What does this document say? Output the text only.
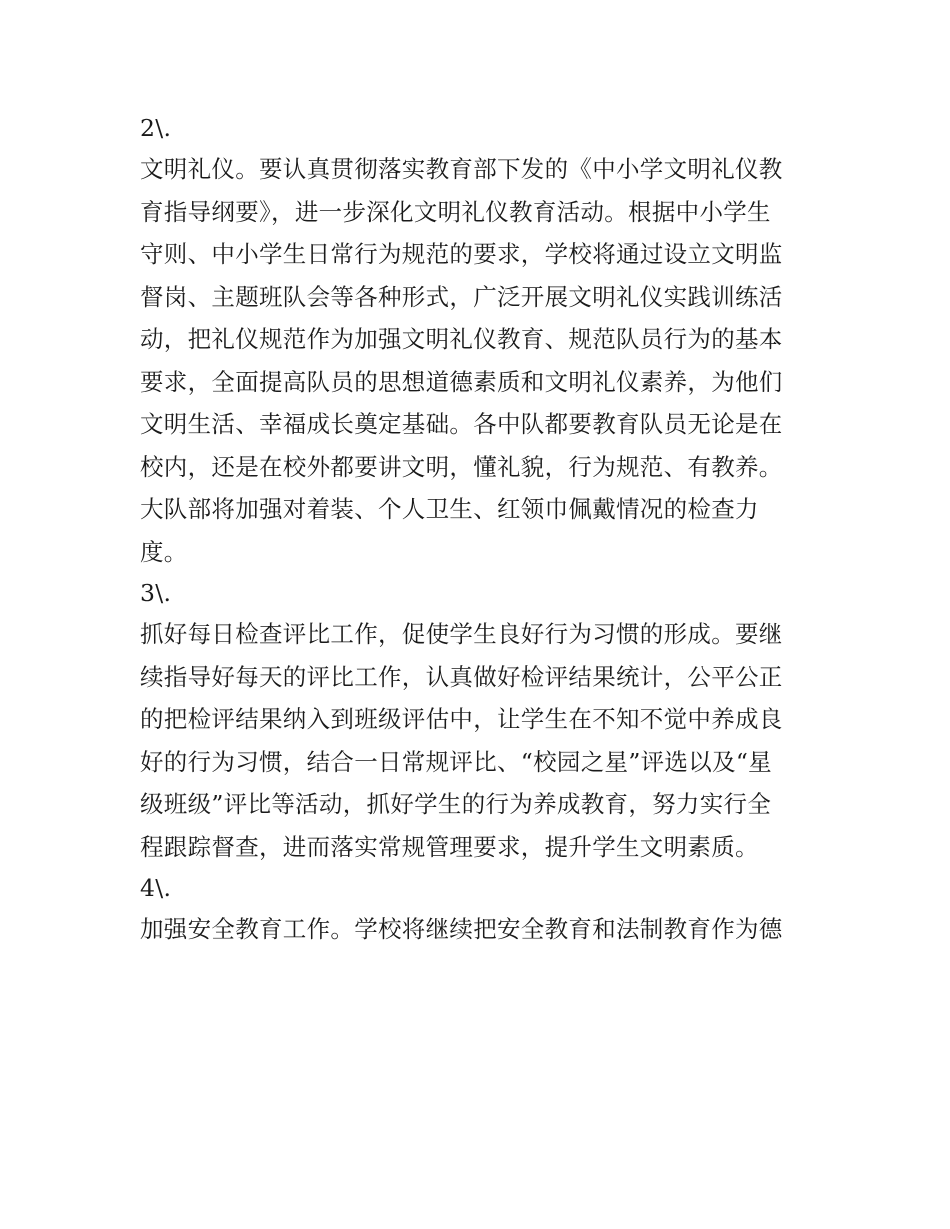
2\.
文明礼仪。要认真贯彻落实教育部下发的《中小学文明礼仪教
育指导纲要》，进一步深化文明礼仪教育活动。根据中小学生
守则、中小学生日常行为规范的要求，学校将通过设立文明监
督岗、主题班队会等各种形式，广泛开展文明礼仪实践训练活
动，把礼仪规范作为加强文明礼仪教育、规范队员行为的基本
要求，全面提高队员的思想道德素质和文明礼仪素养，为他们
文明生活、幸福成长奠定基础。各中队都要教育队员无论是在
校内，还是在校外都要讲文明，懂礼貌，行为规范、有教养。
大队部将加强对着装、个人卫生、红领巾佩戴情况的检查力
度。
3\.
抓好每日检查评比工作，促使学生良好行为习惯的形成。要继
续指导好每天的评比工作，认真做好检评结果统计，公平公正
的把检评结果纳入到班级评估中，让学生在不知不觉中养成良
好的行为习惯，结合一日常规评比、“校园之星”评选以及“星
级班级”评比等活动，抓好学生的行为养成教育，努力实行全
程跟踪督查，进而落实常规管理要求，提升学生文明素质。
4\.
加强安全教育工作。学校将继续把安全教育和法制教育作为德
